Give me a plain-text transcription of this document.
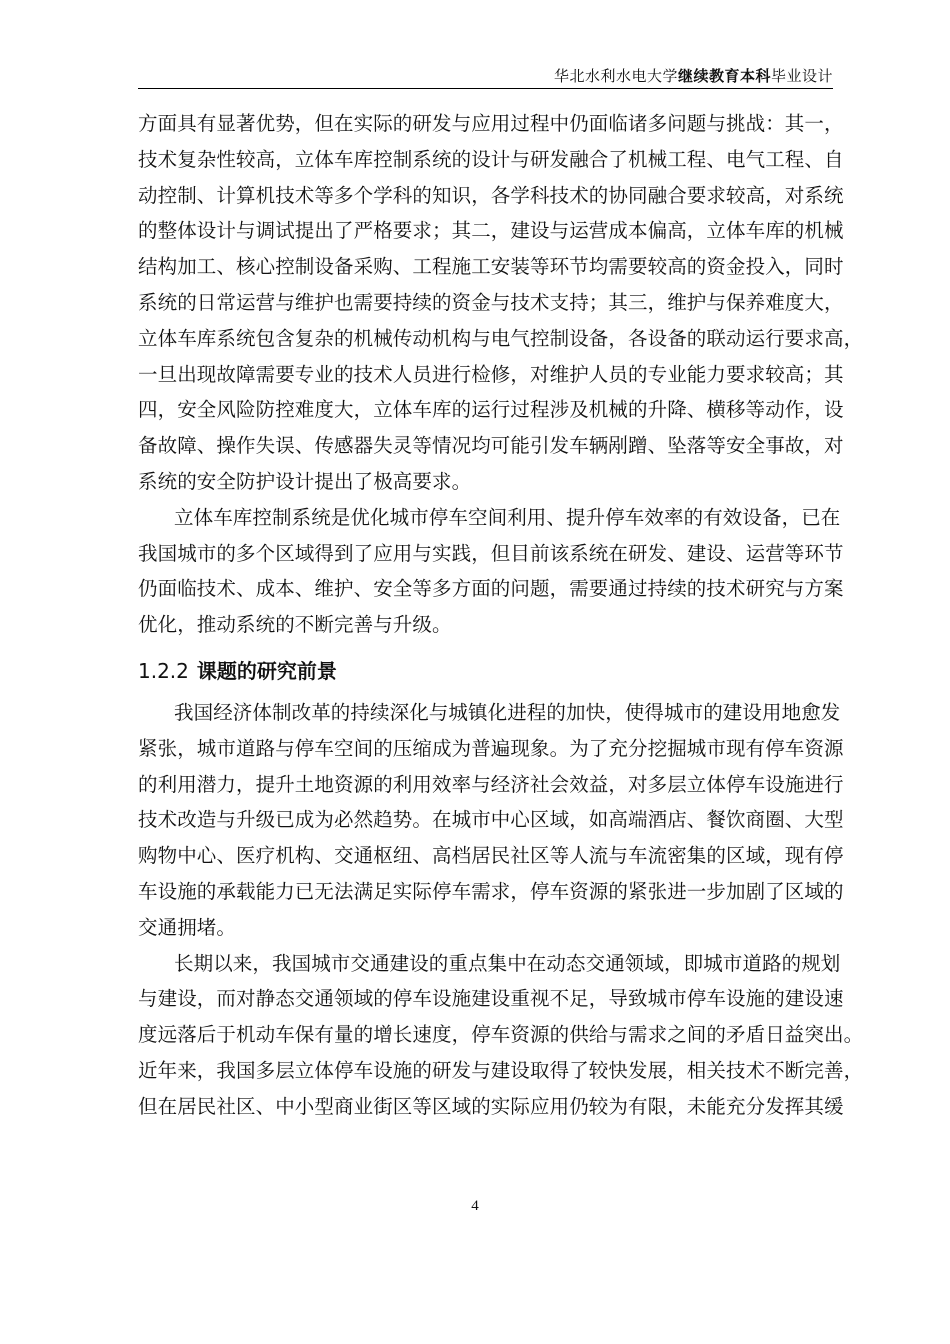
华北水利水电大学继续教育本科毕业设计
方面具有显著优势，但在实际的研发与应用过程中仍面临诸多问题与挑战：其一，
技术复杂性较高，立体车库控制系统的设计与研发融合了机械工程、电气工程、自
动控制、计算机技术等多个学科的知识，各学科技术的协同融合要求较高，对系统
的整体设计与调试提出了严格要求；其二，建设与运营成本偏高，立体车库的机械
结构加工、核心控制设备采购、工程施工安装等环节均需要较高的资金投入，同时
系统的日常运营与维护也需要持续的资金与技术支持；其三，维护与保养难度大，
立体车库系统包含复杂的机械传动机构与电气控制设备，各设备的联动运行要求高，
一旦出现故障需要专业的技术人员进行检修，对维护人员的专业能力要求较高；其
四，安全风险防控难度大，立体车库的运行过程涉及机械的升降、横移等动作，设
备故障、操作失误、传感器失灵等情况均可能引发车辆剐蹭、坠落等安全事故，对
系统的安全防护设计提出了极高要求。
立体车库控制系统是优化城市停车空间利用、提升停车效率的有效设备，已在
我国城市的多个区域得到了应用与实践，但目前该系统在研发、建设、运营等环节
仍面临技术、成本、维护、安全等多方面的问题，需要通过持续的技术研究与方案
优化，推动系统的不断完善与升级。
1.2.2 课题的研究前景
我国经济体制改革的持续深化与城镇化进程的加快，使得城市的建设用地愈发
紧张，城市道路与停车空间的压缩成为普遍现象。为了充分挖掘城市现有停车资源
的利用潜力，提升土地资源的利用效率与经济社会效益，对多层立体停车设施进行
技术改造与升级已成为必然趋势。在城市中心区域，如高端酒店、餐饮商圈、大型
购物中心、医疗机构、交通枢纽、高档居民社区等人流与车流密集的区域，现有停
车设施的承载能力已无法满足实际停车需求，停车资源的紧张进一步加剧了区域的
交通拥堵。
长期以来，我国城市交通建设的重点集中在动态交通领域，即城市道路的规划
与建设，而对静态交通领域的停车设施建设重视不足，导致城市停车设施的建设速
度远落后于机动车保有量的增长速度，停车资源的供给与需求之间的矛盾日益突出。
近年来，我国多层立体停车设施的研发与建设取得了较快发展，相关技术不断完善，
但在居民社区、中小型商业街区等区域的实际应用仍较为有限，未能充分发挥其缓
4
